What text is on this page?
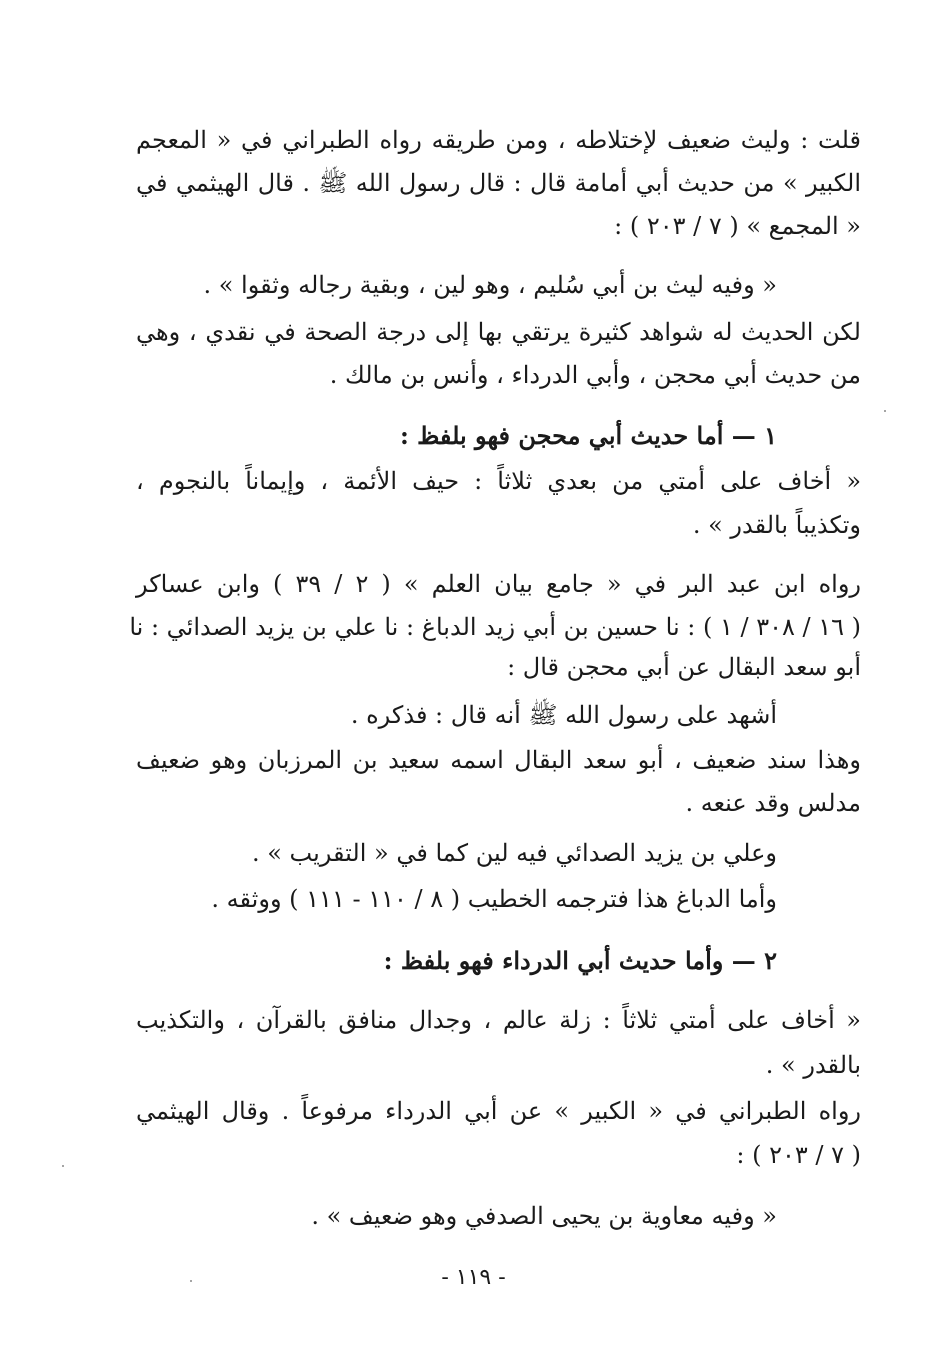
قلت : وليث ضعيف لإختلاطه ، ومن طريقه رواه الطبراني في « المعجم
الكبير » من حديث أبي أمامة قال : قال رسول الله ﷺ . قال الهيثمي في
« المجمع » ( ٧ / ٢٠٣ ) :
« وفيه ليث بن أبي سُليم ، وهو لين ، وبقية رجاله وثقوا » .
لكن الحديث له شواهد كثيرة يرتقي بها إلى درجة الصحة في نقدي ، وهي
من حديث أبي محجن ، وأبي الدرداء ، وأنس بن مالك .
١ — أما حديث أبي محجن فهو بلفظ :
« أخاف على أمتي من بعدي ثلاثاً : حيف الأئمة ، وإيماناً بالنجوم ،
وتكذيباً بالقدر » .
رواه ابن عبد البر في « جامع بيان العلم » ( ٢ / ٣٩ ) وابن عساكر
( ١٦ / ٣٠٨ / ١ ) : نا حسين بن أبي زيد الدباغ : نا علي بن يزيد الصدائي : نا
أبو سعد البقال عن أبي محجن قال :
أشهد على رسول الله ﷺ أنه قال : فذكره .
وهذا سند ضعيف ، أبو سعد البقال اسمه سعيد بن المرزبان وهو ضعيف
مدلس وقد عنعه .
وعلي بن يزيد الصدائي فيه لين كما في « التقريب » .
وأما الدباغ هذا فترجمه الخطيب ( ٨ / ١١٠ - ١١١ ) ووثقه .
٢ — وأما حديث أبي الدرداء فهو بلفظ :
« أخاف على أمتي ثلاثاً : زلة عالم ، وجدال منافق بالقرآن ، والتكذيب
بالقدر » .
رواه الطبراني في « الكبير » عن أبي الدرداء مرفوعاً . وقال الهيثمي
( ٧ / ٢٠٣ ) :
« وفيه معاوية بن يحيى الصدفي وهو ضعيف » .
- ١١٩ -
